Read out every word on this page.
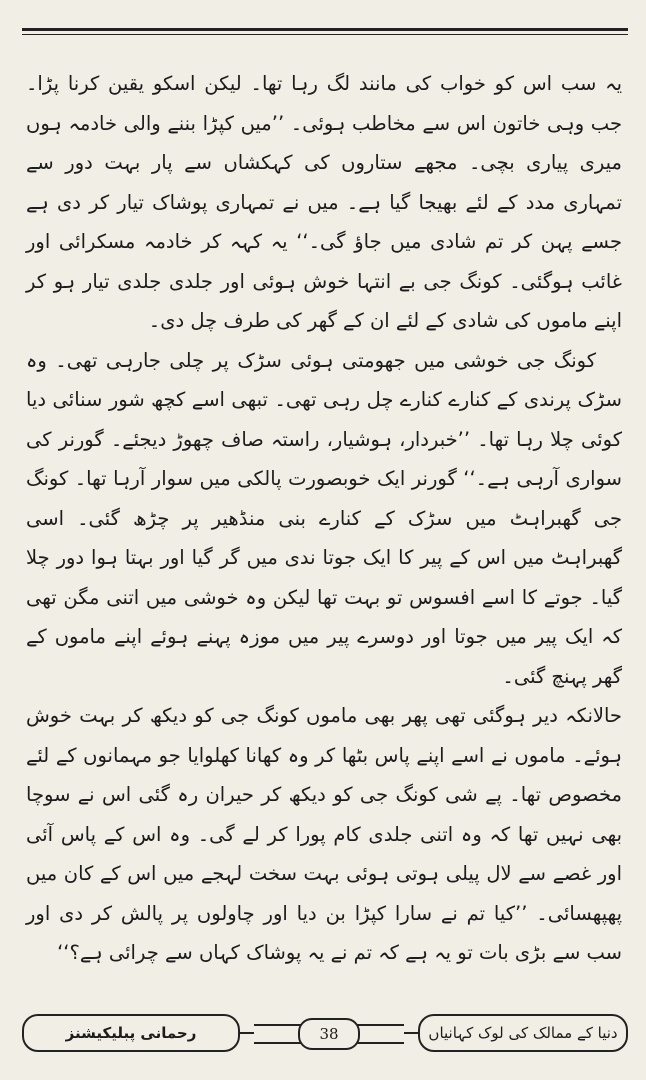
یہ سب اس کو خواب کی مانند لگ رہا تھا۔ لیکن اسکو یقین کرنا پڑا۔ جب وہی خاتون اس سے مخاطب ہوئی۔ ’’میں کپڑا بننے والی خادمہ ہوں میری پیاری بچی۔ مجھے ستاروں کی کہکشاں سے پار بہت دور سے تمہاری مدد کے لئے بھیجا گیا ہے۔ میں نے تمہاری پوشاک تیار کر دی ہے جسے پہن کر تم شادی میں جاؤ گی۔‘‘ یہ کہہ کر خادمہ مسکرائی اور غائب ہوگئی۔ کونگ جی بے انتہا خوش ہوئی اور جلدی جلدی تیار ہو کر اپنے ماموں کی شادی کے لئے ان کے گھر کی طرف چل دی۔

کونگ جی خوشی میں جھومتی ہوئی سڑک پر چلی جارہی تھی۔ وہ سڑک پرندی کے کنارے کنارے چل رہی تھی۔ تبھی اسے کچھ شور سنائی دیا کوئی چلا رہا تھا۔ ’’خبردار، ہوشیار، راستہ صاف چھوڑ دیجئے۔ گورنر کی سواری آرہی ہے۔‘‘ گورنر ایک خوبصورت پالکی میں سوار آرہا تھا۔ کونگ جی گھبراہٹ میں سڑک کے کنارے بنی منڈھیر پر چڑھ گئی۔ اسی گھبراہٹ میں اس کے پیر کا ایک جوتا ندی میں گر گیا اور بہتا ہوا دور چلا گیا۔ جوتے کا اسے افسوس تو بہت تھا لیکن وہ خوشی میں اتنی مگن تھی کہ ایک پیر میں جوتا اور دوسرے پیر میں موزہ پہنے ہوئے اپنے ماموں کے گھر پہنچ گئی۔

حالانکہ دیر ہوگئی تھی پھر بھی ماموں کونگ جی کو دیکھ کر بہت خوش ہوئے۔ ماموں نے اسے اپنے پاس بٹھا کر وہ کھانا کھلوایا جو مہمانوں کے لئے مخصوص تھا۔ پے شی کونگ جی کو دیکھ کر حیران رہ گئی اس نے سوچا بھی نہیں تھا کہ وہ اتنی جلدی کام پورا کر لے گی۔ وہ اس کے پاس آئی اور غصے سے لال پیلی ہوتی ہوئی بہت سخت لہجے میں اس کے کان میں پھپھسائی۔ ’’کیا تم نے سارا کپڑا بن دیا اور چاولوں پر پالش کر دی اور سب سے بڑی بات تو یہ ہے کہ تم نے یہ پوشاک کہاں سے چرائی ہے؟‘‘

دنیا کے ممالک کی لوک کہانیاں
38
رحمانی پبلیکیشنز
